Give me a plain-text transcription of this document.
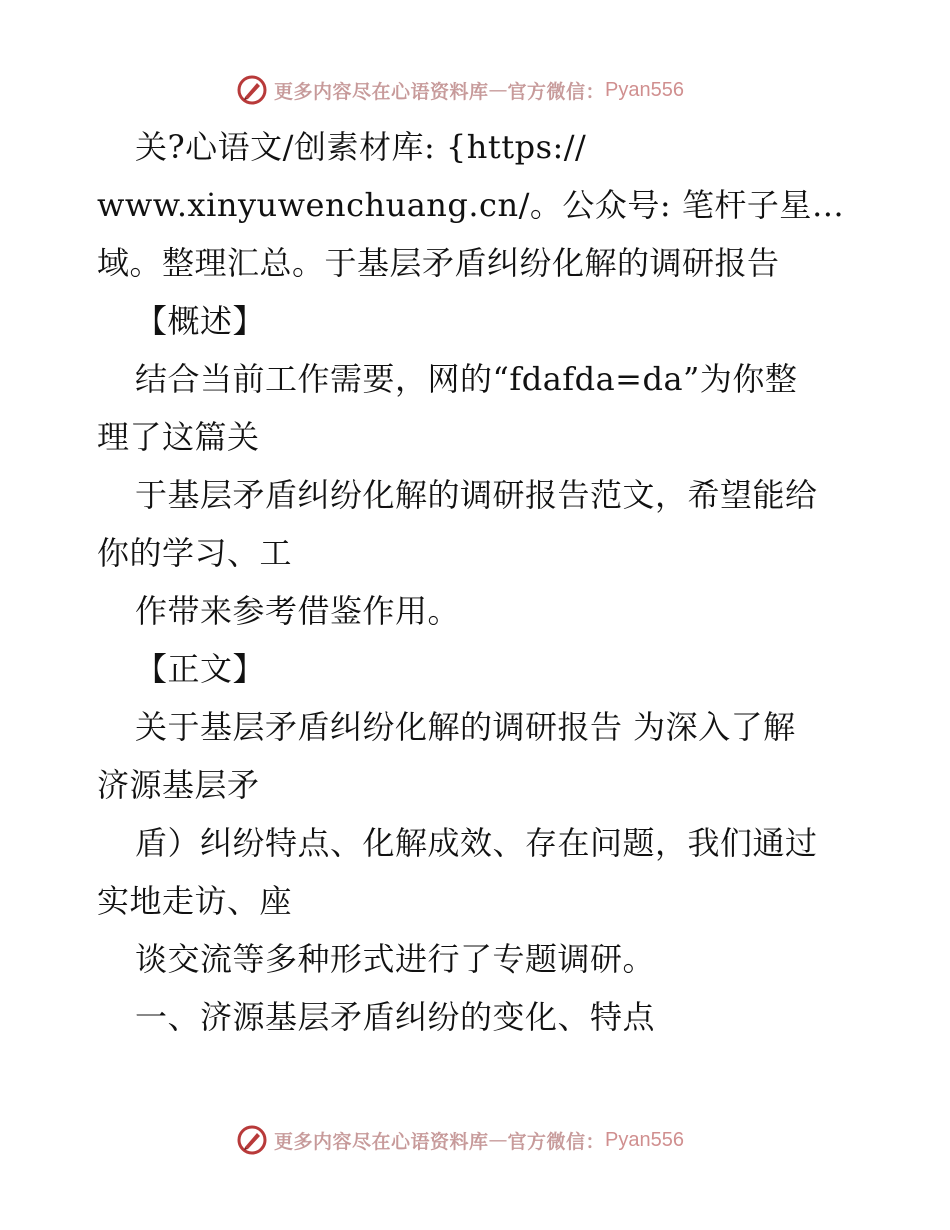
更多内容尽在心语资料库 — 官方微信： Pyan556
关?心语文/创素材库: {https://
www.xinyuwenchuang.cn/。公众号: 笔杆子星…
域。整理汇总。于基层矛盾纠纷化解的调研报告
【概述】
结合当前工作需要，网的“fdafda=da”为你整
理了这篇关
于基层矛盾纠纷化解的调研报告范文，希望能给
你的学习、工
作带来参考借鉴作用。
【正文】
关于基层矛盾纠纷化解的调研报告 为深入了解
济源基层矛
盾）纠纷特点、化解成效、存在问题，我们通过
实地走访、座
谈交流等多种形式进行了专题调研。
一、济源基层矛盾纠纷的变化、特点
更多内容尽在心语资料库 — 官方微信： Pyan556
